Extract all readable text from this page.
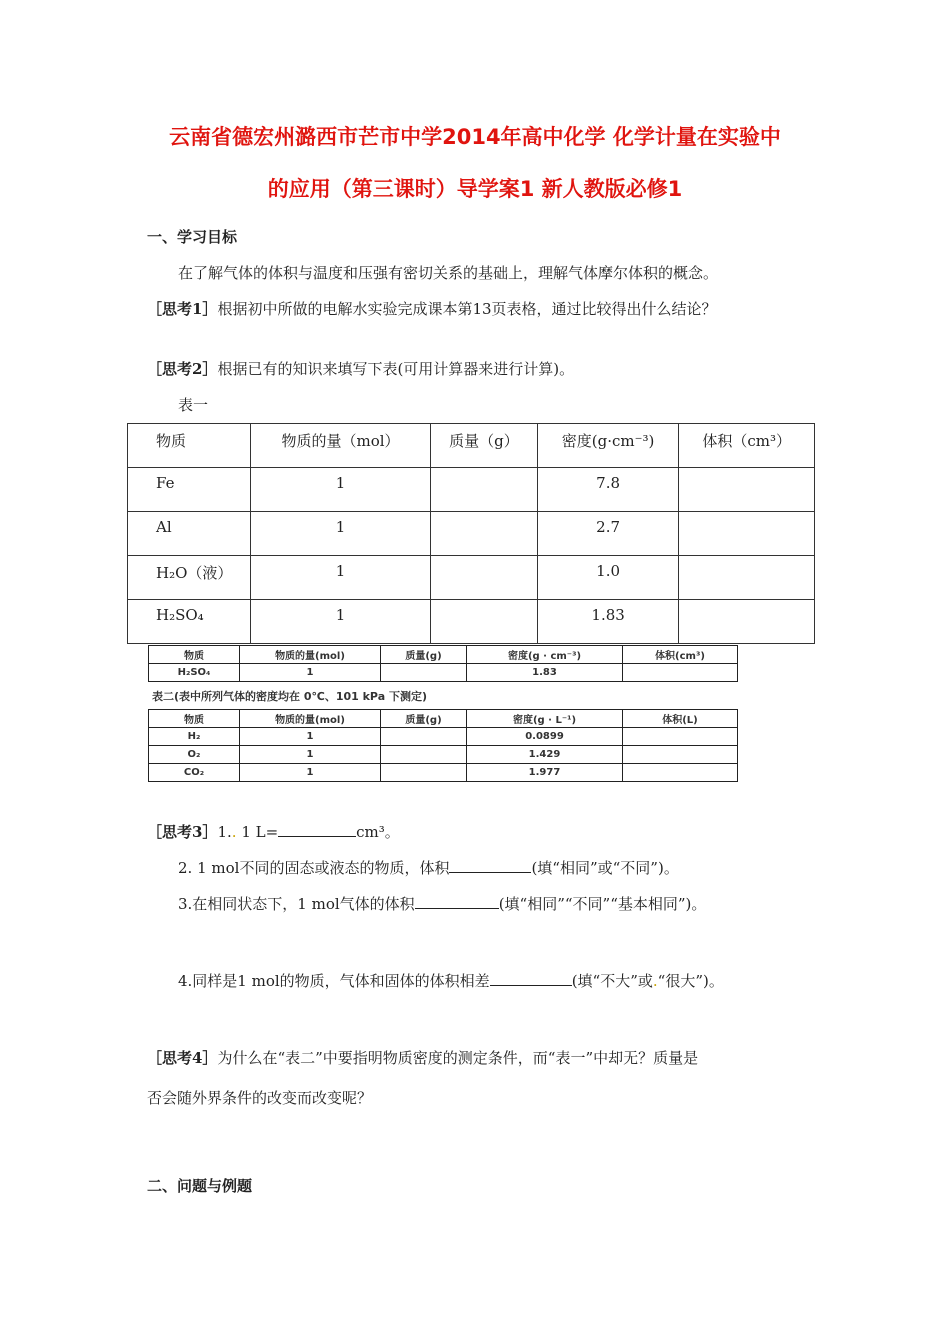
云南省德宏州潞西市芒市中学2014年高中化学 化学计量在实验中
的应用（第三课时）导学案1 新人教版必修1
一、学习目标
在了解气体的体积与温度和压强有密切关系的基础上，理解气体摩尔体积的概念。
［思考1］根据初中所做的电解水实验完成课本第13页表格，通过比较得出什么结论？
［思考2］根据已有的知识来填写下表(可用计算器来进行计算)。
表一
物质	物质的量（mol）	质量（g）	密度(g·cm⁻³)	体积（cm³）
Fe	1		7.8	
Al	1		2.7	
H₂O（液）	1		1.0	
H₂SO₄	1		1.83	
物质	物质的量(mol)	质量(g)	密度(g · cm⁻³)	体积(cm³)
H₂SO₄	1		1.83	
表二(表中所列气体的密度均在 0℃、101 kPa 下测定)
物质	物质的量(mol)	质量(g)	密度(g · L⁻¹)	体积(L)
H₂	1		0.0899	
O₂	1		1.429	
CO₂	1		1.977	
［思考3］1.. 1 L=	cm³。
2. 1 mol不同的固态或液态的物质，体积	(填“相同”或“不同”)。
3.在相同状态下，1 mol气体的体积	(填“相同”“不同”“基本相同”)。
4.同样是1 mol的物质，气体和固体的体积相差	(填“不大”或.“很大”)。
［思考4］为什么在“表二”中要指明物质密度的测定条件，而“表一”中却无？质量是
否会随外界条件的改变而改变呢？
二、问题与例题
